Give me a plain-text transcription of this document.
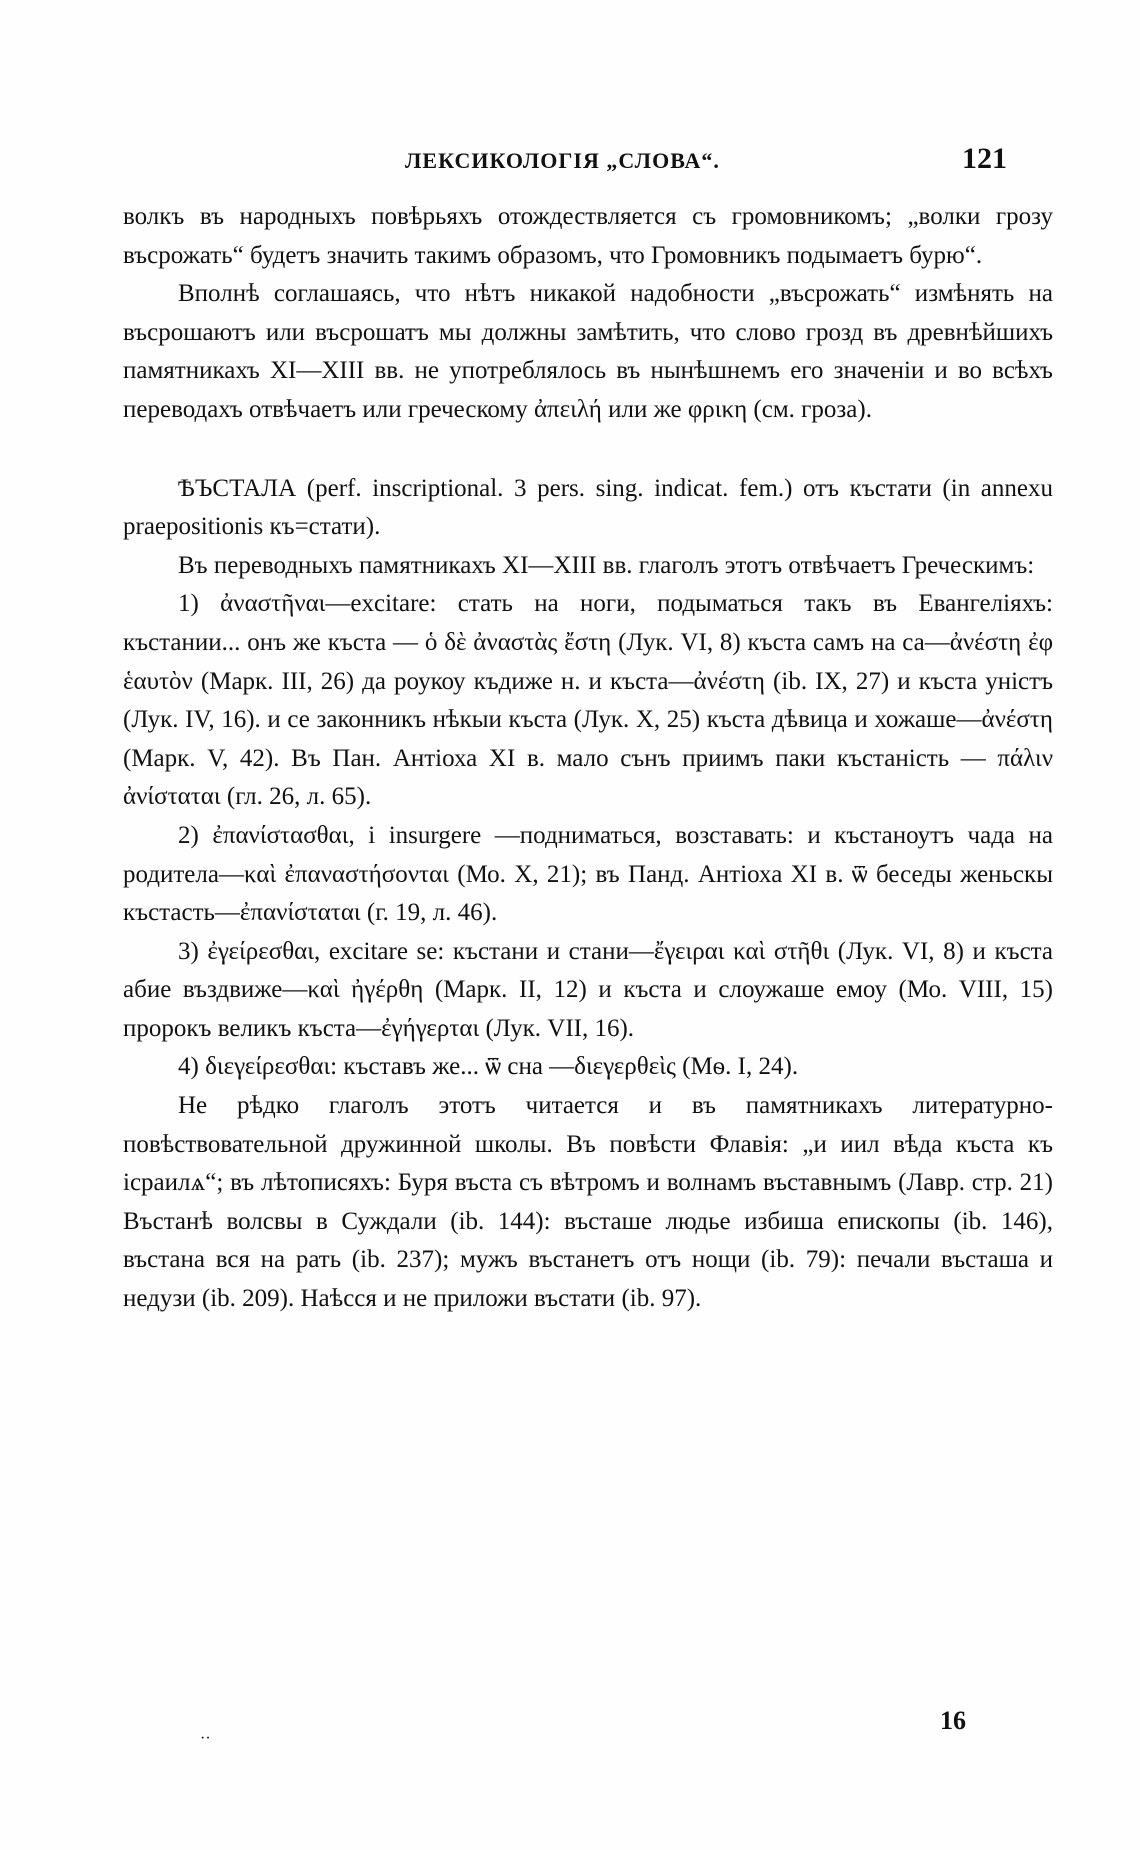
ЛЕКСИКОЛОГІЯ „СЛОВА“.	121

волкъ въ народныхъ повѣрьяхъ отождествляется съ громовникомъ; „волки грозу въсрожать“ будетъ значить такимъ образомъ, что Громовникъ подымаетъ бурю“.

Вполнѣ соглашаясь, что нѣтъ никакой надобности „въсрожать“ измѣнять на въсрошаютъ или въсрошатъ мы должны замѣтить, что слово грозд въ древнѣйшихъ памятникахъ XI—XIII вв. не употреблялось въ нынѣшнемъ его значеніи и во всѣхъ переводахъ отвѣчаетъ или греческому ἀπειλή или же φρικη (см. гроза).

ѢЪСТАЛА (perf. inscriptional. 3 pers. sing. indicat. fem.) отъ къстати (in annexu praepositionis къ=стати).

Въ переводныхъ памятникахъ XI—XIII вв. глаголъ этотъ отвѣчаетъ Греческимъ:

1) ἀναστῆναι—excitare: стать на ноги, подыматься такъ въ Евангеліяхъ: къстании... онъ же къста — ὁ δὲ ἀναστὰς ἔστη (Лук. VI, 8) къста самъ на са—ἀνέστη ἐφ ἑαυτὸν (Марк. III, 26) да роукоу къдиже н. и къста—ἀνέστη (ib. IX, 27) и къста уністъ (Лук. IV, 16). и се законникъ нѣкыи къста (Лук. X, 25) къста дѣвица и хожаше—ἀνέστη (Марк. V, 42). Въ Пан. Антіоха XI в. мало сънъ приимъ паки къстаність — πάλιν ἀνίσταται (гл. 26, л. 65).

2) ἐπανίστασθαι, і insurgere —подниматься, возставать: и къстаноутъ чада на родитела—καὶ ἐπαναστήσονται (Мо. X, 21); въ Панд. Антіоха XI в. ѿ беседы женьскы къстасть—ἐπανίσταται (г. 19, л. 46).

3) ἐγείρεσθαι, excitare se: къстани и стани—ἔγειραι καὶ στῆθι (Лук. VI, 8) и къста абие въздвиже—καὶ ἠγέρθη (Марк. II, 12) и къста и слоужаше емоу (Мо. VIII, 15) пророкъ великъ къста—ἐγήγερται (Лук. VII, 16).

4) διεγείρεσθαι: къставъ же... ѿ сна —διεγερθεὶς (Мѳ. I, 24).

Не рѣдко глаголъ этотъ читается и въ памятникахъ литературно-повѣствовательной дружинной школы. Въ повѣсти Флавія: „и иил вѣда къста къ ісраилѧ“; въ лѣтописяхъ: Буря въста съ вѣтромъ и волнамъ въставнымъ (Лавр. стр. 21) Въстанѣ волсвы в Суждали (ib. 144): въсташе людье избиша епископы (ib. 146), въстана вся на рать (ib. 237); мужъ въстанетъ отъ нощи (ib. 79): печали въсташа и недузи (ib. 209). Наѣсся и не приложи въстати (ib. 97).

··
16
